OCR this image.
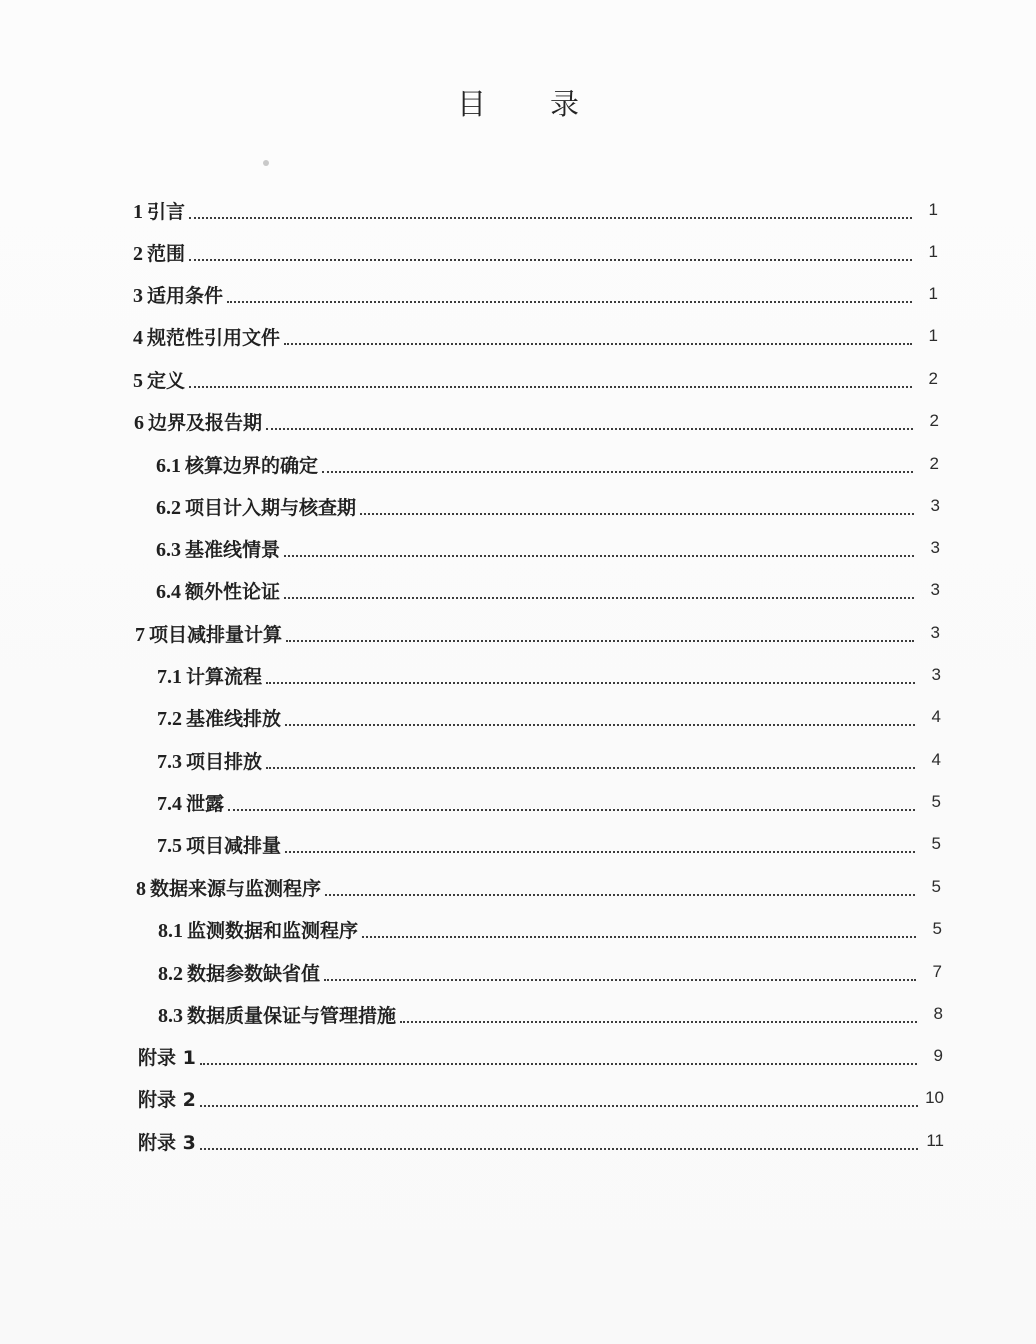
目 录
1 引言	1
2 范围	1
3 适用条件	1
4 规范性引用文件	1
5 定义	2
6 边界及报告期	2
6.1 核算边界的确定	2
6.2 项目计入期与核查期	3
6.3 基准线情景	3
6.4 额外性论证	3
7 项目减排量计算	3
7.1 计算流程	3
7.2 基准线排放	4
7.3 项目排放	4
7.4 泄露	5
7.5 项目减排量	5
8 数据来源与监测程序	5
8.1 监测数据和监测程序	5
8.2 数据参数缺省值	7
8.3 数据质量保证与管理措施	8
附录 1	9
附录 2	10
附录 3	11
